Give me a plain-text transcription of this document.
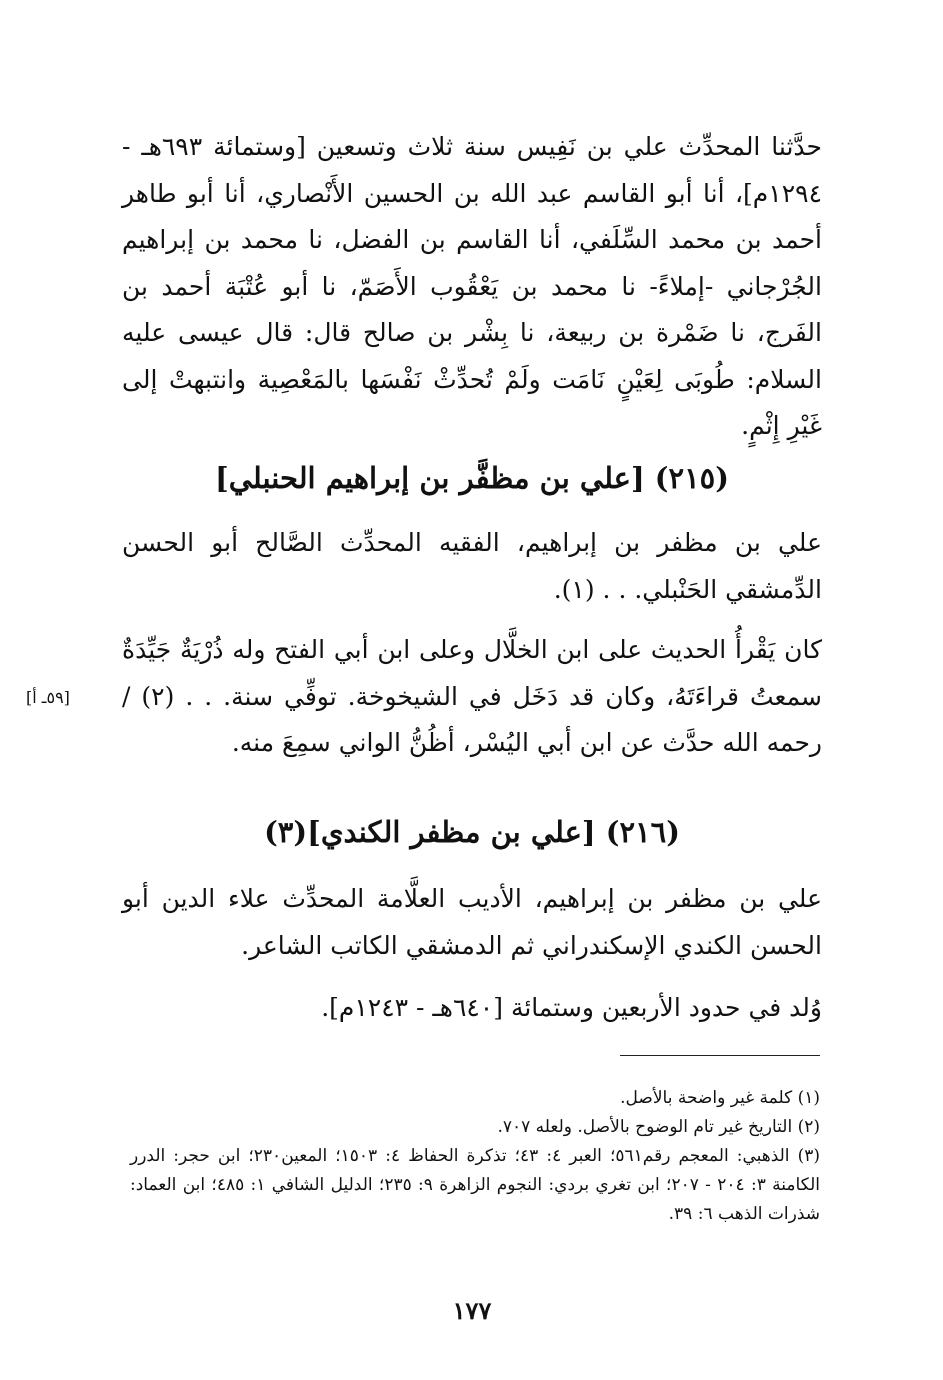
حدَّثنا المحدِّث علي بن نَفِيس سنة ثلاث وتسعين [وستمائة ٦٩٣هـ - ١٢٩٤م]، أنا أبو القاسم عبد الله بن الحسين الأَنْصاري، أنا أبو طاهر أحمد بن محمد السِّلَفي، أنا القاسم بن الفضل، نا محمد بن إبراهيم الجُرْجاني -إملاءً- نا محمد بن يَعْقُوب الأَصَمّ، نا أبو عُتْبَة أحمد بن الفَرج، نا ضَمْرة بن ربيعة، نا بِشْر بن صالح قال: قال عيسى عليه السلام: طُوبَى لِعَيْنٍ نَامَت ولَمْ تُحدِّثْ نَفْسَها بالمَعْصِية وانتبهتْ إلى غَيْرِ إِثْمٍ.

(٢١٥) [علي بن مظفَّر بن إبراهيم الحنبلي]

علي بن مظفر بن إبراهيم، الفقيه المحدِّث الصَّالح أبو الحسن الدِّمشقي الحَنْبلي. . . (١).

كان يَقْرأُ الحديث على ابن الخلَّال وعلى ابن أبي الفتح وله ذُرْيَةٌ جَيِّدَةٌ سمعتُ قراءَتَهُ، وكان قد دَخَل في الشيخوخة. توفِّي سنة. . . (٢) / رحمه الله حدَّث عن ابن أبي اليُسْر، أظُنُّ الواني سمِعَ منه.

[٥٩ـ أ]
(٢١٦) [علي بن مظفر الكندي](٣)

علي بن مظفر بن إبراهيم، الأديب العلَّامة المحدِّث علاء الدين أبو الحسن الكندي الإسكندراني ثم الدمشقي الكاتب الشاعر.

وُلد في حدود الأربعين وستمائة [٦٤٠هـ - ١٢٤٣م].

(١) كلمة غير واضحة بالأصل.

(٢) التاريخ غير تام الوضوح بالأصل. ولعله ٧٠٧.

(٣) الذهبي: المعجم رقم٥٦١؛ العبر ٤: ٤٣؛ تذكرة الحفاظ ٤: ١٥٠٣؛ المعين٢٣٠؛ ابن حجر: الدرر الكامنة ٣: ٢٠٤ - ٢٠٧؛ ابن تغري بردي: النجوم الزاهرة ٩: ٢٣٥؛ الدليل الشافي ١: ٤٨٥؛ ابن العماد: شذرات الذهب ٦: ٣٩.

١٧٧
